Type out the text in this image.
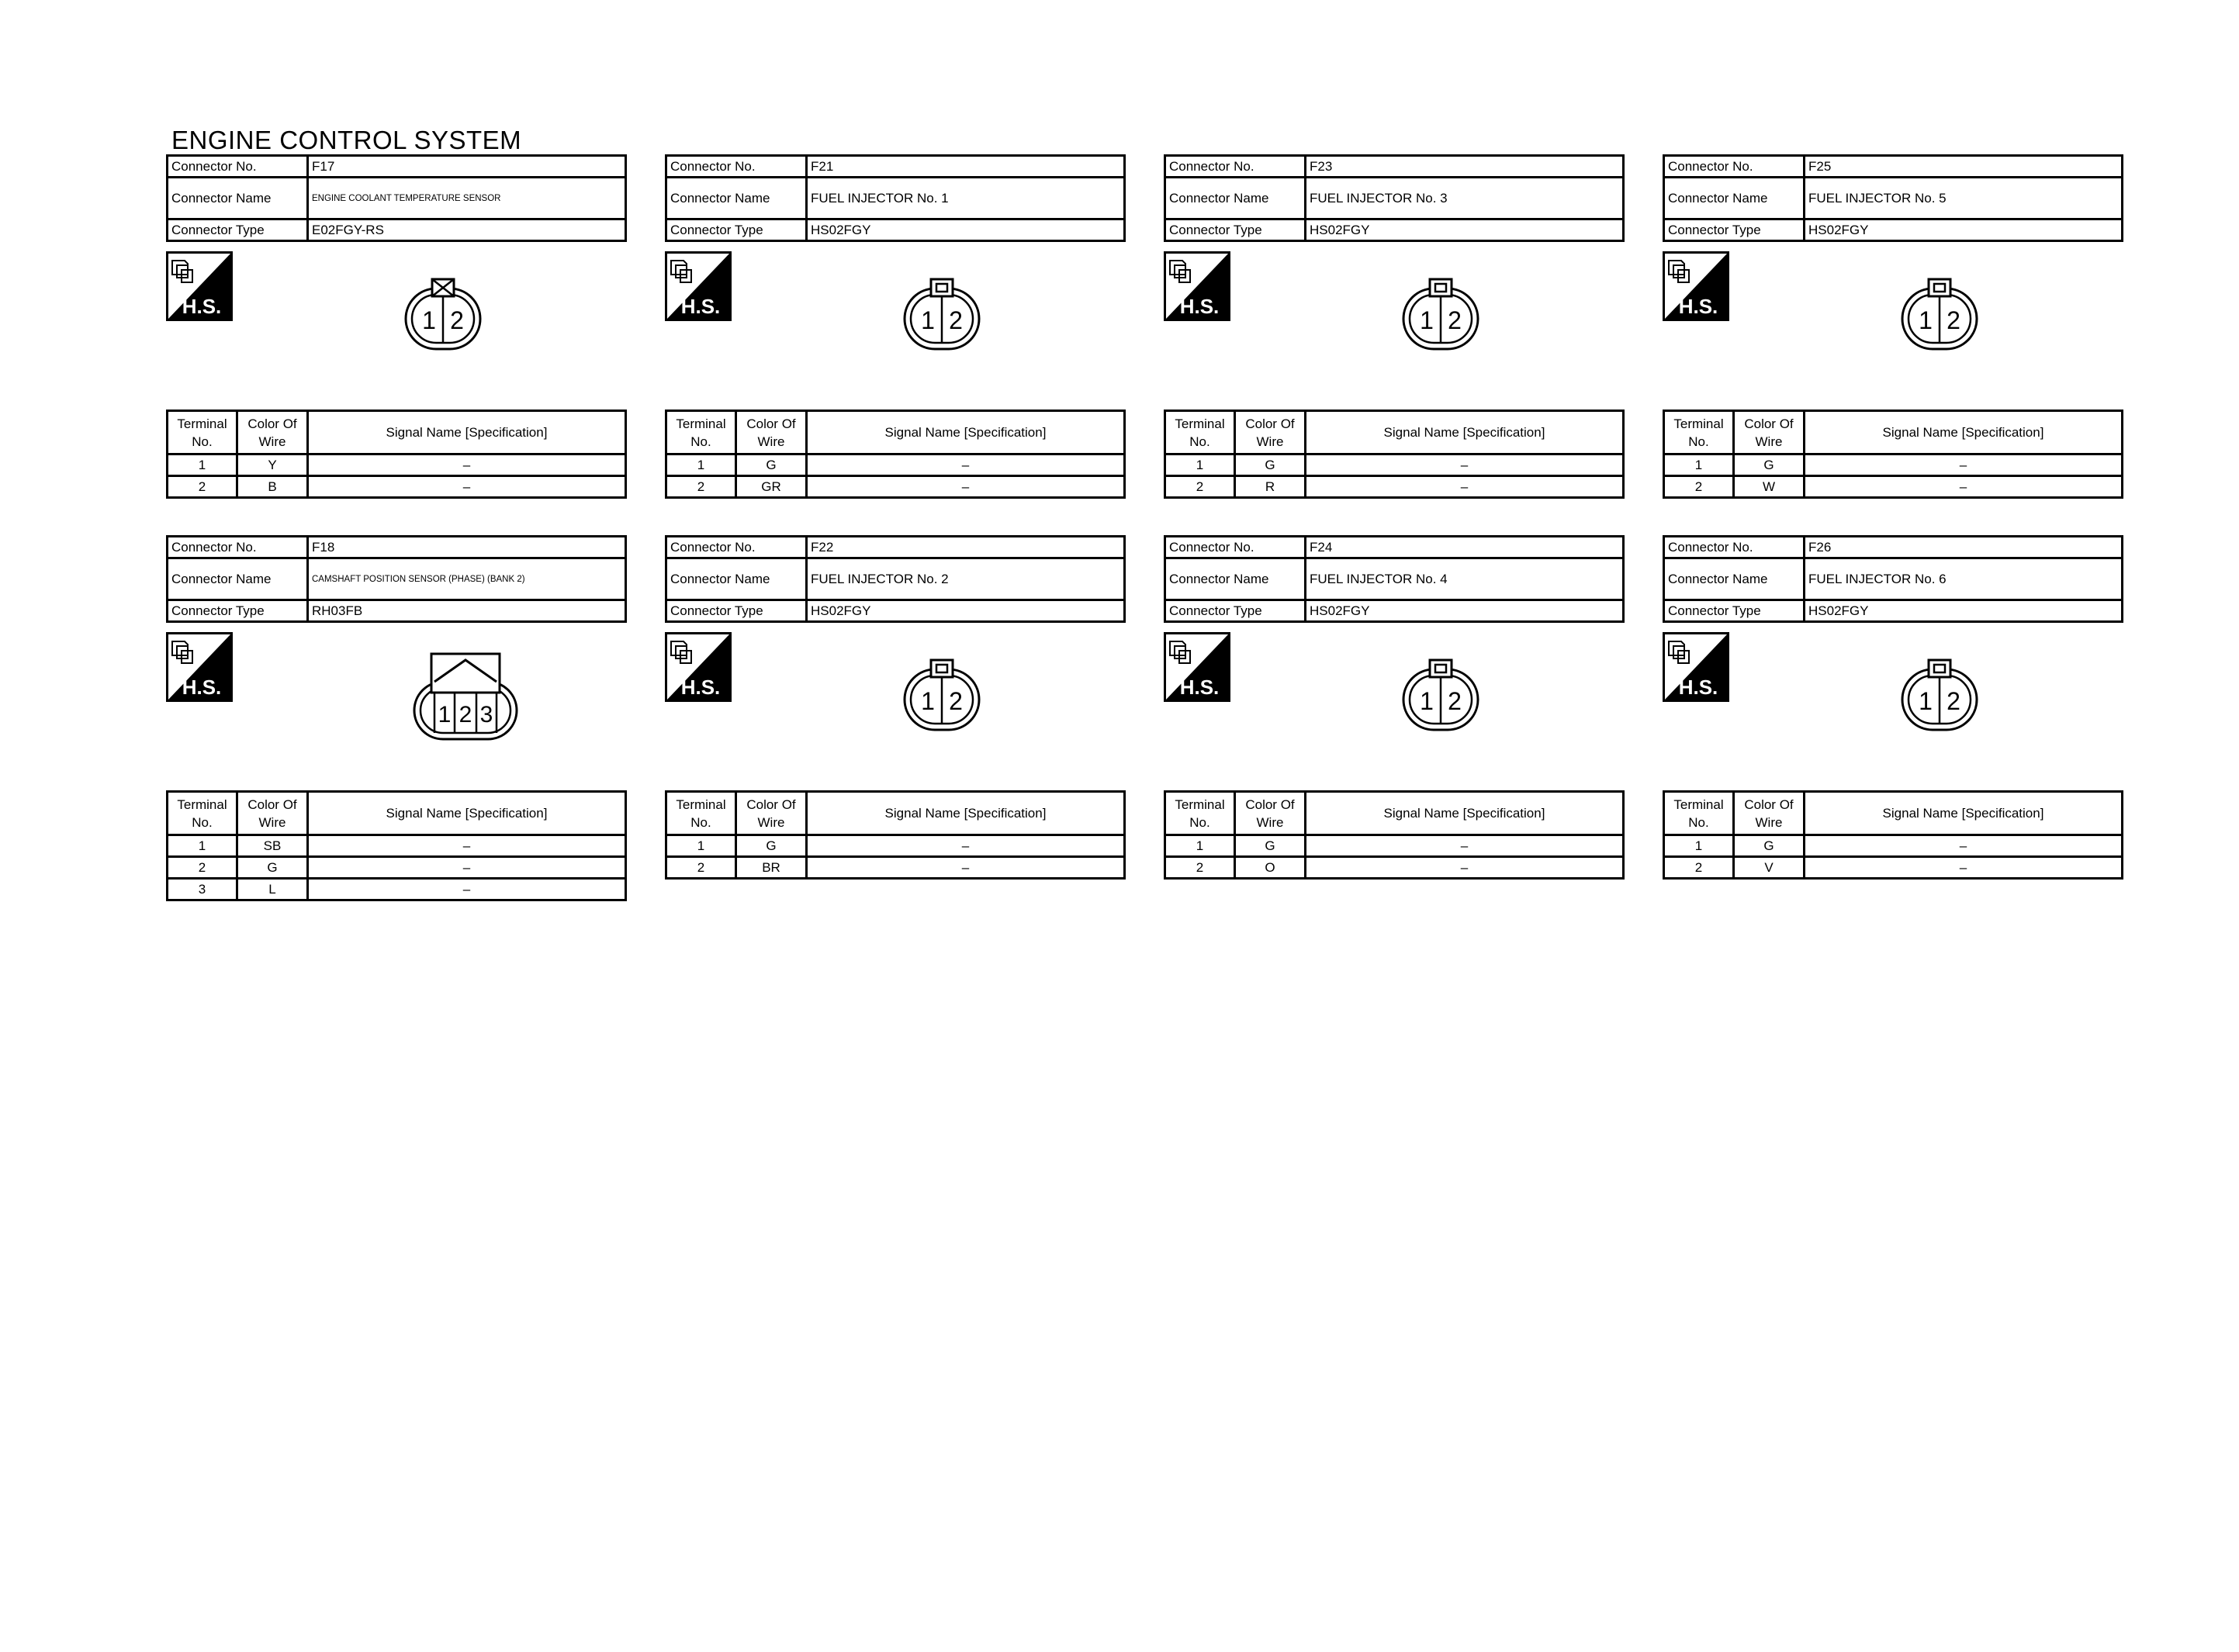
ENGINE CONTROL SYSTEM
Connector No.	F17
Connector Name	ENGINE COOLANT TEMPERATURE SENSOR
Connector Type	E02FGY-RS
H.S.	1 2
Terminal No.	Color Of Wire	Signal Name [Specification]
1	Y	–
2	B	–
Connector No.	F21
Connector Name	FUEL INJECTOR No. 1
Connector Type	HS02FGY
H.S.	1 2
Terminal No.	Color Of Wire	Signal Name [Specification]
1	G	–
2	GR	–
Connector No.	F23
Connector Name	FUEL INJECTOR No. 3
Connector Type	HS02FGY
H.S.	1 2
Terminal No.	Color Of Wire	Signal Name [Specification]
1	G	–
2	R	–
Connector No.	F25
Connector Name	FUEL INJECTOR No. 5
Connector Type	HS02FGY
H.S.	1 2
Terminal No.	Color Of Wire	Signal Name [Specification]
1	G	–
2	W	–
Connector No.	F18
Connector Name	CAMSHAFT POSITION SENSOR (PHASE) (BANK 2)
Connector Type	RH03FB
H.S.
1 2 3
Terminal No.	Color Of Wire	Signal Name [Specification]
1	SB	–
2	G	–
3	L	–
Connector No.	F22
Connector Name	FUEL INJECTOR No. 2
Connector Type	HS02FGY
H.S.	1 2
Terminal No.	Color Of Wire	Signal Name [Specification]
1	G	–
2	BR	–
Connector No.	F24
Connector Name	FUEL INJECTOR No. 4
Connector Type	HS02FGY
H.S.	1 2
Terminal No.	Color Of Wire	Signal Name [Specification]
1	G	–
2	O	–
Connector No.	F26
Connector Name	FUEL INJECTOR No. 6
Connector Type	HS02FGY
H.S.	1 2
Terminal No.	Color Of Wire	Signal Name [Specification]
1	G	–
2	V	–
